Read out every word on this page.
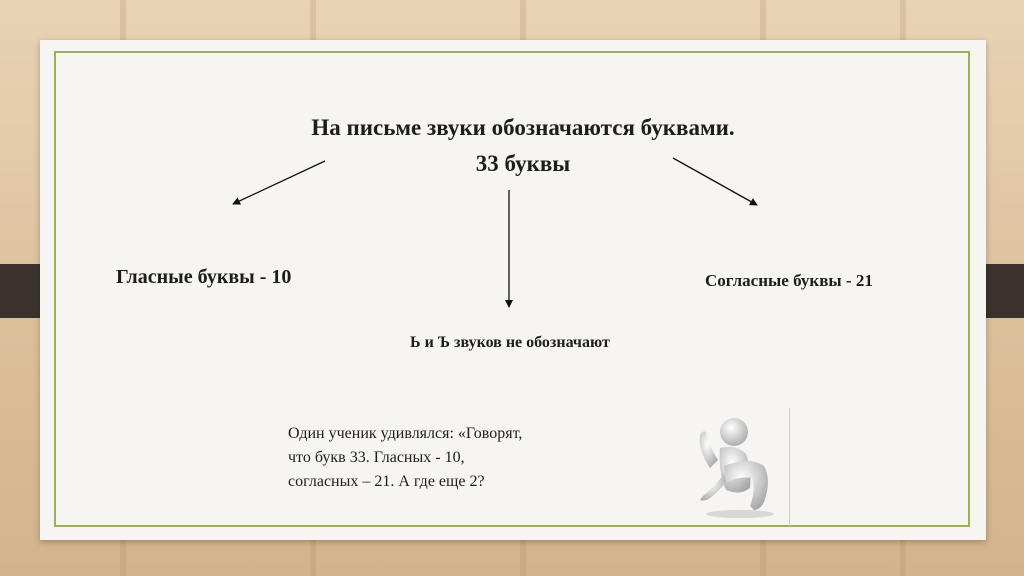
На письме звуки обозначаются буквами.
33 буквы
Гласные буквы - 10	Согласные буквы - 21
Ь и Ъ звуков не обозначают
Один ученик удивлялся: «Говорят,
что букв 33. Гласных - 10,
согласных – 21. А где еще 2?
